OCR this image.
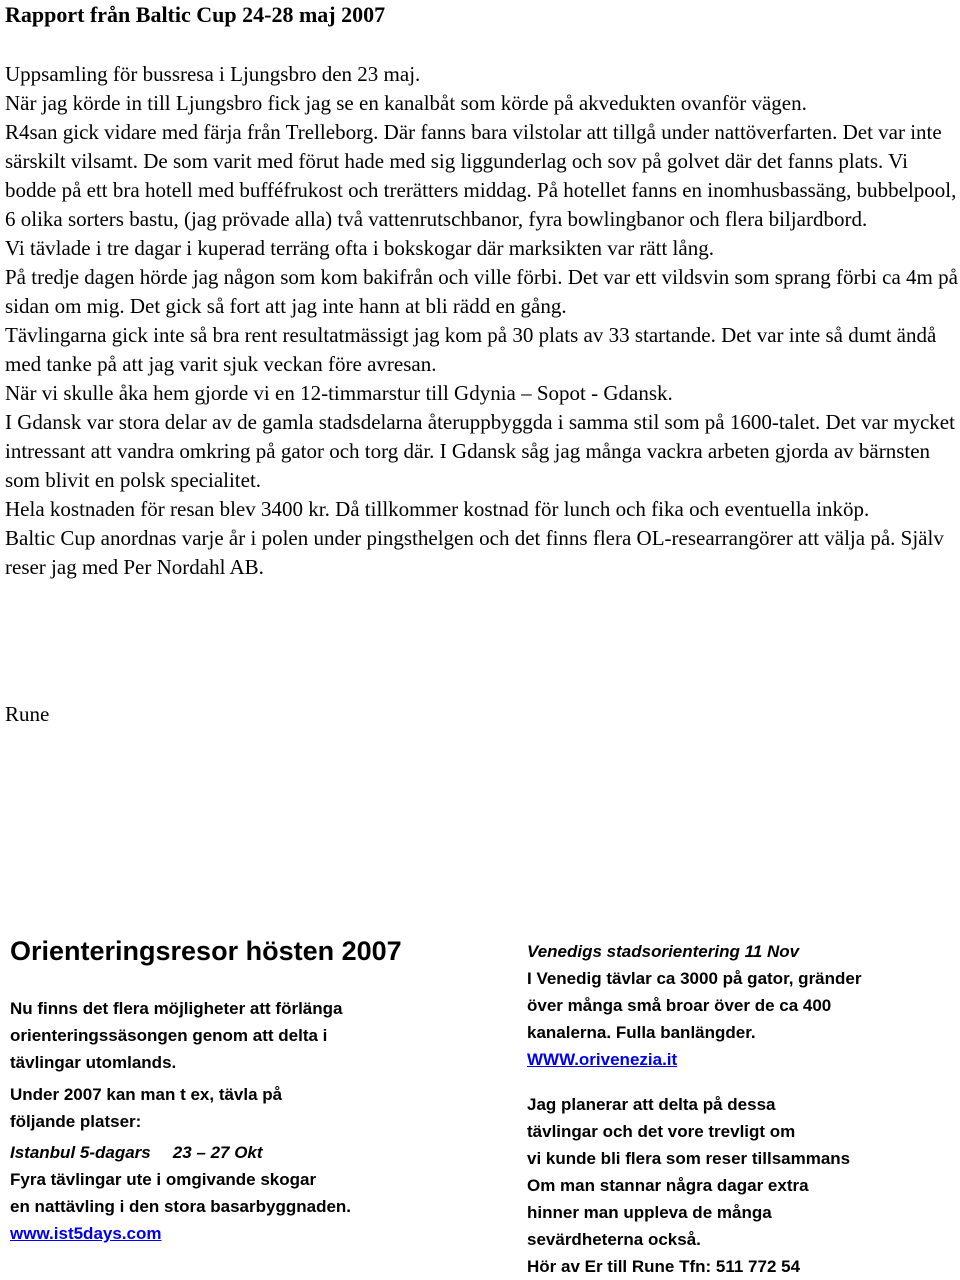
Rapport från Baltic Cup 24-28 maj 2007

Uppsamling för bussresa i Ljungsbro den 23 maj.

När jag körde in till Ljungsbro fick jag se en kanalbåt som körde på akvedukten ovanför vägen.

R4san gick vidare med färja från Trelleborg. Där fanns bara vilstolar att tillgå under nattöverfarten. Det var inte särskilt vilsamt. De som varit med förut hade med sig liggunderlag och sov på golvet där det fanns plats. Vi bodde på ett bra hotell med bufféfrukost och trerätters middag. På hotellet fanns en inomhusbassäng, bubbelpool, 6 olika sorters bastu, (jag prövade alla) två vattenrutschbanor, fyra bowlingbanor och flera biljardbord.

Vi tävlade i tre dagar i kuperad terräng ofta i bokskogar där marksikten var rätt lång.

På tredje dagen hörde jag någon som kom bakifrån och ville förbi. Det var ett vildsvin som sprang förbi ca 4m på sidan om mig. Det gick så fort att jag inte hann at bli rädd en gång.

Tävlingarna gick inte så bra rent resultatmässigt jag kom på 30 plats av 33 startande. Det var inte så dumt ändå med tanke på att jag varit sjuk veckan före avresan.

När vi skulle åka hem gjorde vi en 12-timmarstur till Gdynia – Sopot - Gdansk.

I Gdansk var stora delar av de gamla stadsdelarna återuppbyggda i samma stil som på 1600-talet. Det var mycket intressant att vandra omkring på gator och torg där. I Gdansk såg jag många vackra arbeten gjorda av bärnsten som blivit en polsk specialitet.

Hela kostnaden för resan blev 3400 kr. Då tillkommer kostnad för lunch och fika och eventuella inköp.

Baltic Cup anordnas varje år i polen under pingsthelgen och det finns flera OL-researrangörer att välja på. Själv reser jag med Per Nordahl AB.

Rune

Orienteringsresor hösten 2007

Nu finns det flera möjligheter att förlänga

orienteringssäsongen genom att delta i

tävlingar utomlands.

Under 2007 kan man t ex, tävla på

följande platser:

Istanbul 5-dagars 23 – 27 Okt

Fyra tävlingar ute i omgivande skogar

en nattävling i den stora basarbyggnaden.

www.ist5days.com

Venedigs stadsorientering 11 Nov

I Venedig tävlar ca 3000 på gator, gränder

över många små broar över de ca 400

kanalerna. Fulla banlängder.

WWW.orivenezia.it

Jag planerar att delta på dessa

tävlingar och det vore trevligt om

vi kunde bli flera som reser tillsammans

Om man stannar några dagar extra

hinner man uppleva de många

sevärdheterna också.

Hör av Er till Rune Tfn: 511 772 54
